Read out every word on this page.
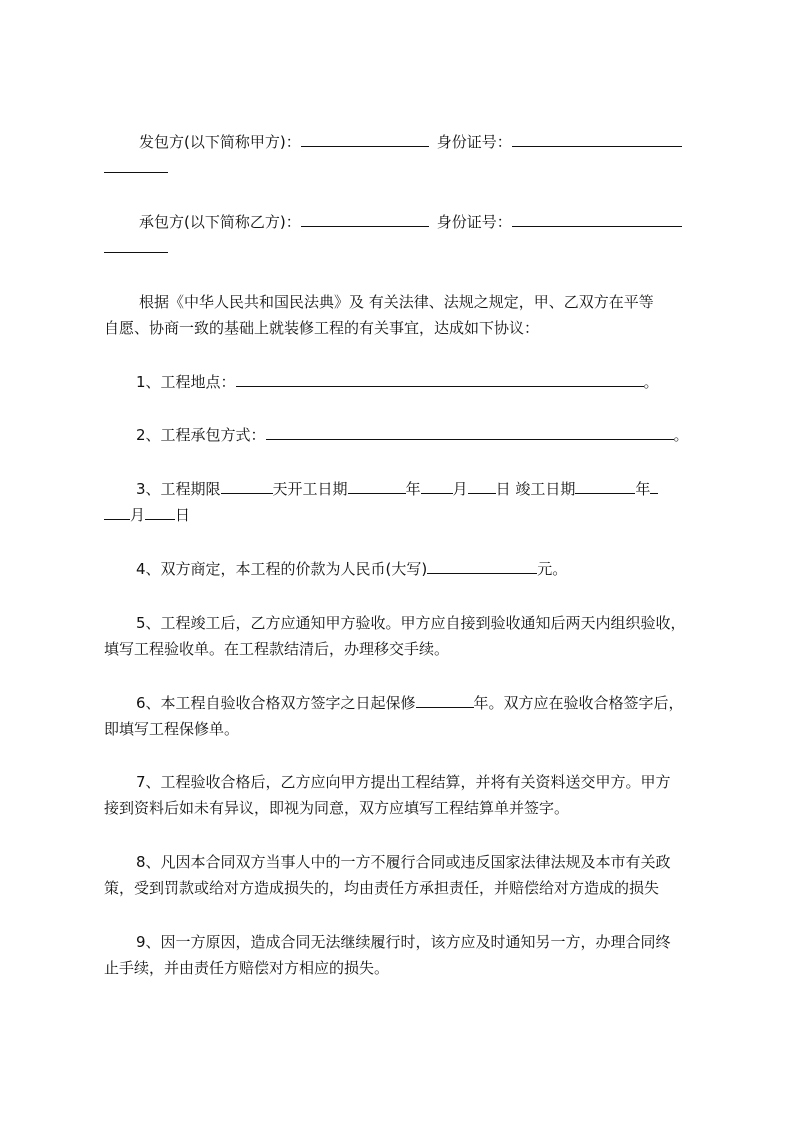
发包方(以下简称甲方)：	身份证号：
承包方(以下简称乙方)：	身份证号：
根据《中华人民共和国民法典》及 有关法律、法规之规定，甲、乙双方在平等
自愿、协商一致的基础上就装修工程的有关事宜，达成如下协议：
1、工程地点：	。
2、工程承包方式：	。
3、工程期限	天开工日期	年 月 日 竣工日期	年
月 日
4、双方商定，本工程的价款为人民币(大写)	元。
5、工程竣工后，乙方应通知甲方验收。甲方应自接到验收通知后两天内组织验收，
填写工程验收单。在工程款结清后，办理移交手续。
6、本工程自验收合格双方签字之日起保修	年。双方应在验收合格签字后，
即填写工程保修单。
7、工程验收合格后，乙方应向甲方提出工程结算，并将有关资料送交甲方。甲方
接到资料后如未有异议，即视为同意，双方应填写工程结算单并签字。
8、凡因本合同双方当事人中的一方不履行合同或违反国家法律法规及本市有关政
策，受到罚款或给对方造成损失的，均由责任方承担责任，并赔偿给对方造成的损失
9、因一方原因，造成合同无法继续履行时，该方应及时通知另一方，办理合同终
止手续，并由责任方赔偿对方相应的损失。
